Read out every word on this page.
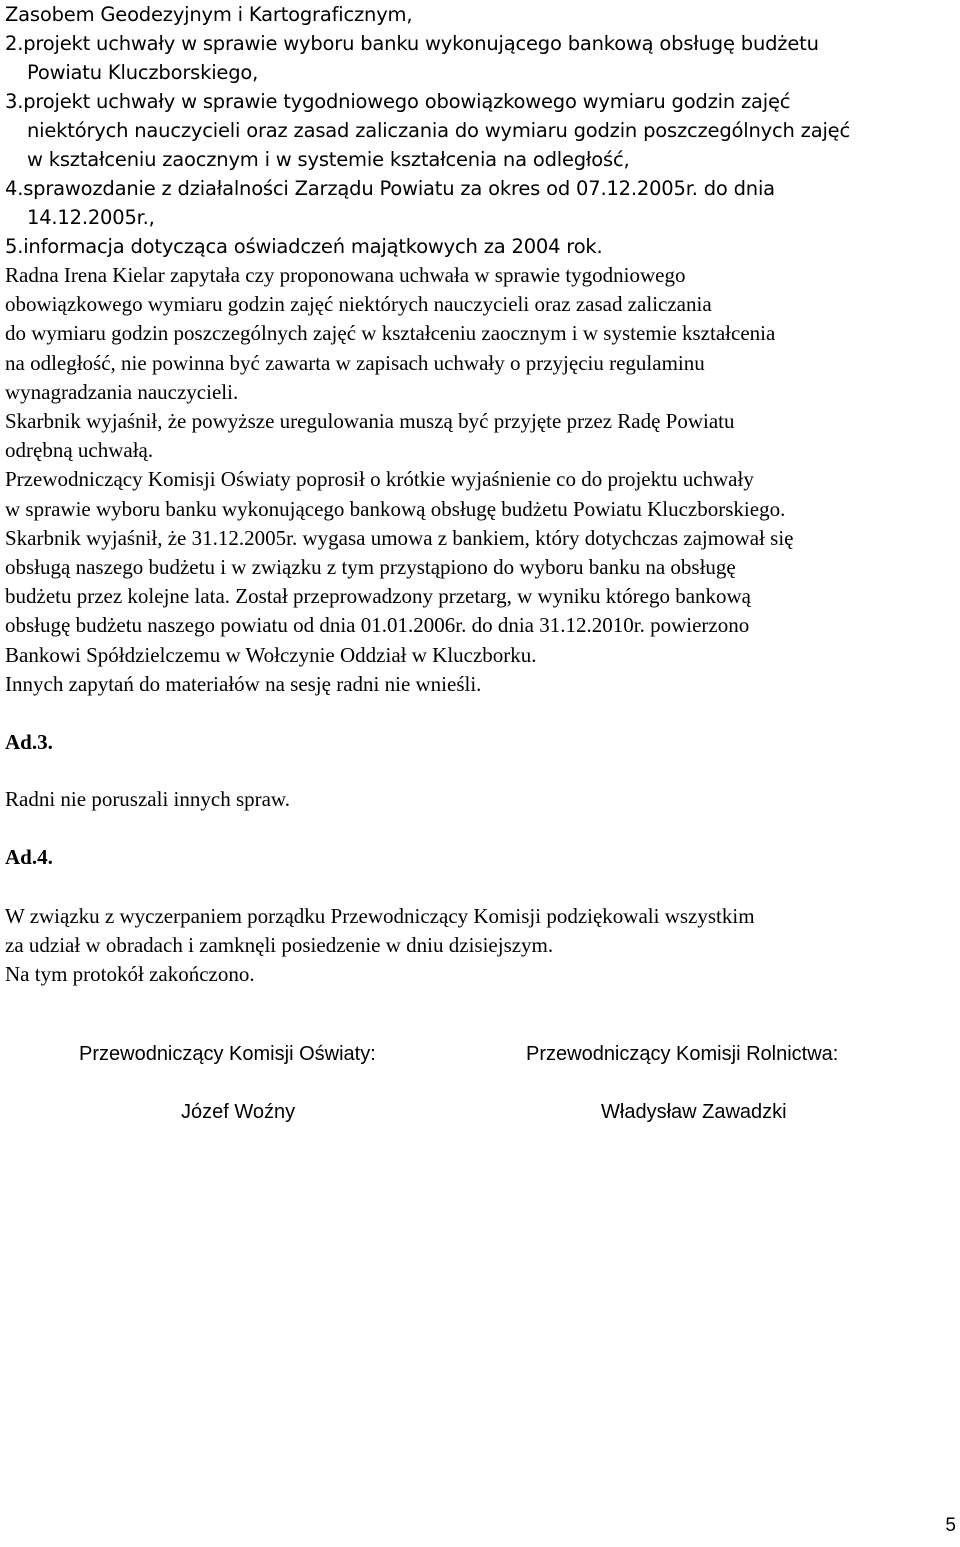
Zasobem Geodezyjnym i Kartograficznym,
2.projekt uchwały w sprawie wyboru banku wykonującego bankową obsługę budżetu
Powiatu Kluczborskiego,
3.projekt uchwały w sprawie tygodniowego obowiązkowego wymiaru godzin zajęć
niektórych nauczycieli oraz zasad zaliczania do wymiaru godzin poszczególnych zajęć
w kształceniu zaocznym i w systemie kształcenia na odległość,
4.sprawozdanie z działalności Zarządu Powiatu za okres od 07.12.2005r. do dnia
14.12.2005r.,
5.informacja dotycząca oświadczeń majątkowych za 2004 rok.
Radna Irena Kielar zapytała czy proponowana uchwała w sprawie tygodniowego
obowiązkowego wymiaru godzin zajęć niektórych nauczycieli oraz zasad zaliczania
do wymiaru godzin poszczególnych zajęć w kształceniu zaocznym i w systemie kształcenia
na odległość, nie powinna być zawarta w zapisach uchwały o przyjęciu regulaminu
wynagradzania nauczycieli.
Skarbnik wyjaśnił, że powyższe uregulowania muszą być przyjęte przez Radę Powiatu
odrębną uchwałą.
Przewodniczący Komisji Oświaty poprosił o krótkie wyjaśnienie co do projektu uchwały
w sprawie wyboru banku wykonującego bankową obsługę budżetu Powiatu Kluczborskiego.
Skarbnik wyjaśnił, że 31.12.2005r. wygasa umowa z bankiem, który dotychczas zajmował się
obsługą naszego budżetu i w związku z tym przystąpiono do wyboru banku na obsługę
budżetu przez kolejne lata. Został przeprowadzony przetarg, w wyniku którego bankową
obsługę budżetu naszego powiatu od dnia 01.01.2006r. do dnia 31.12.2010r. powierzono
Bankowi Spółdzielczemu w Wołczynie Oddział w Kluczborku.
Innych zapytań do materiałów na sesję radni nie wnieśli.
Ad.3.
Radni nie poruszali innych spraw.
Ad.4.
W związku z wyczerpaniem porządku Przewodniczący Komisji podziękowali wszystkim
za udział w obradach i zamknęli posiedzenie w dniu dzisiejszym.
Na tym protokół zakończono.
Przewodniczący Komisji Oświaty:	Przewodniczący Komisji Rolnictwa:
Józef Woźny	Władysław Zawadzki
5
